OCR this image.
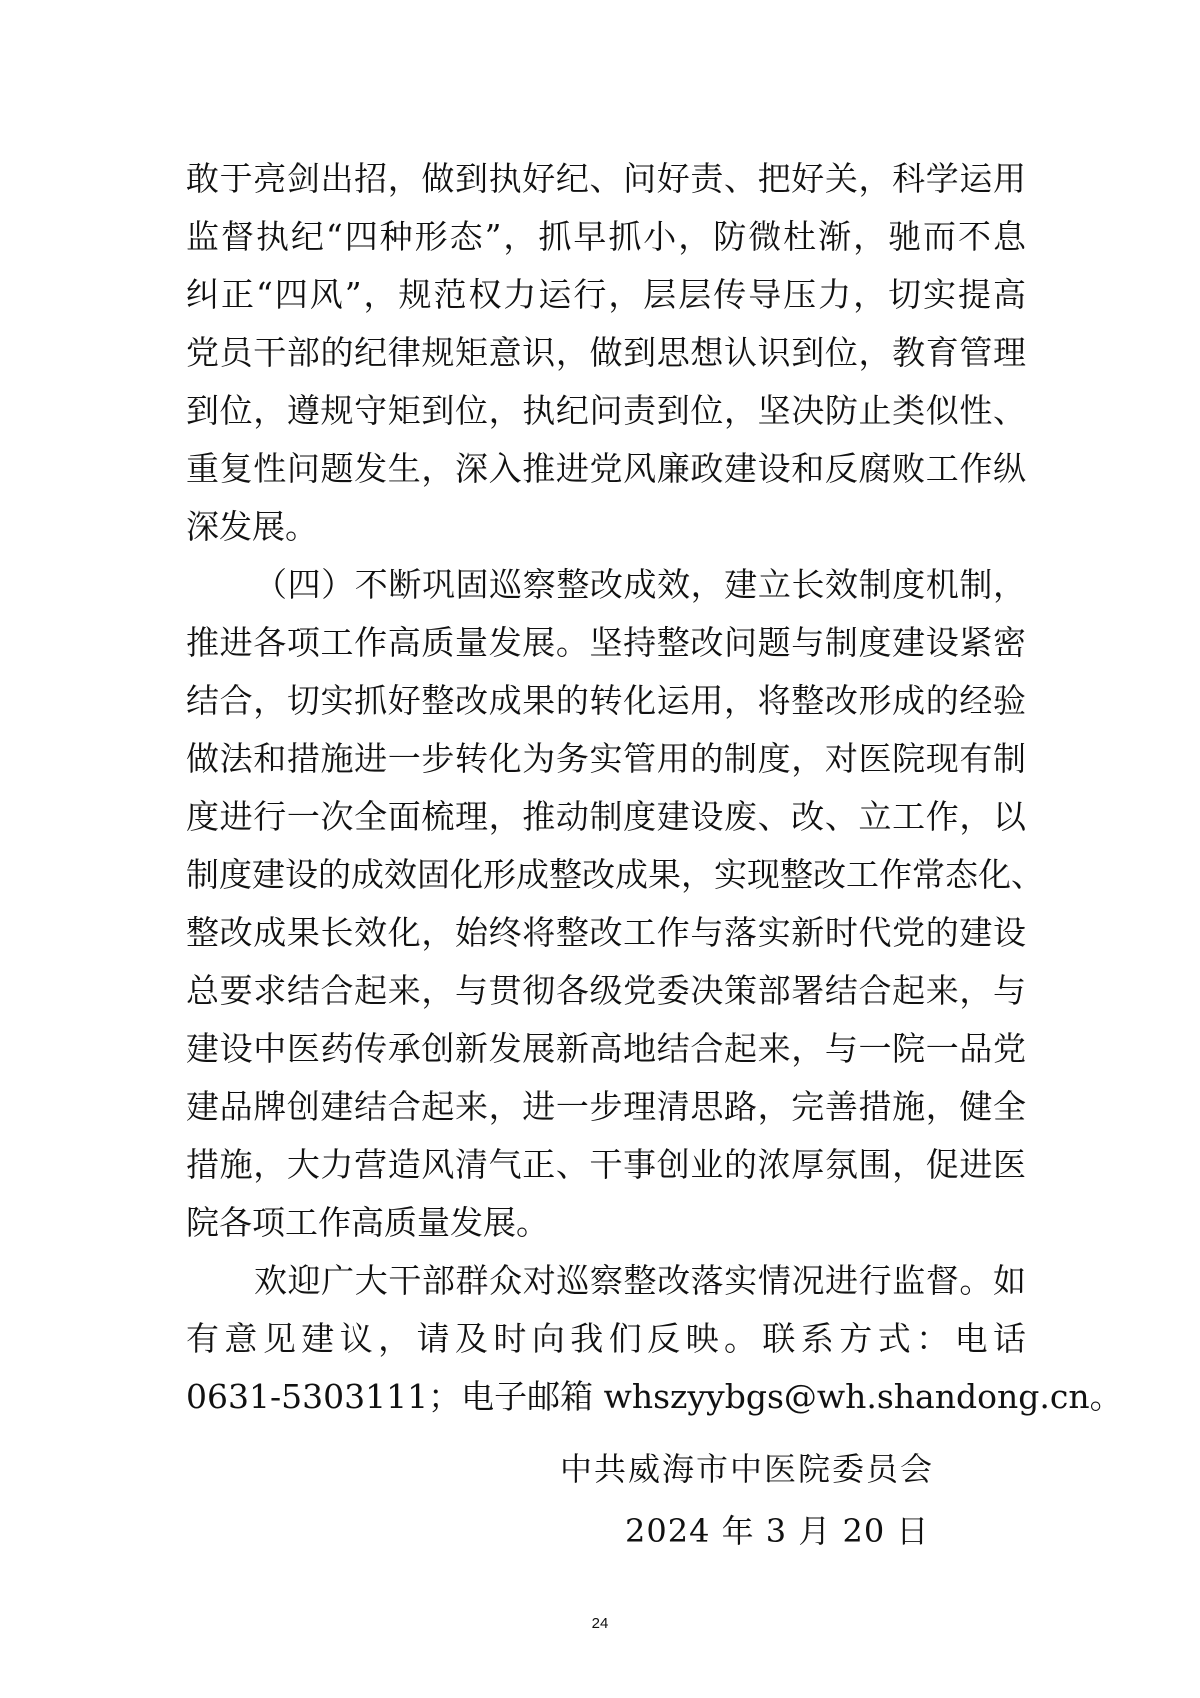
敢于亮剑出招，做到执好纪、问好责、把好关，科学运用
监督执纪“四种形态”，抓早抓小，防微杜渐，驰而不息
纠正“四风”，规范权力运行，层层传导压力，切实提高
党员干部的纪律规矩意识，做到思想认识到位，教育管理
到位，遵规守矩到位，执纪问责到位，坚决防止类似性、
重复性问题发生，深入推进党风廉政建设和反腐败工作纵
深发展。
（四）不断巩固巡察整改成效，建立长效制度机制，
推进各项工作高质量发展。坚持整改问题与制度建设紧密
结合，切实抓好整改成果的转化运用，将整改形成的经验
做法和措施进一步转化为务实管用的制度，对医院现有制
度进行一次全面梳理，推动制度建设废、改、立工作，以
制度建设的成效固化形成整改成果，实现整改工作常态化、
整改成果长效化，始终将整改工作与落实新时代党的建设
总要求结合起来，与贯彻各级党委决策部署结合起来，与
建设中医药传承创新发展新高地结合起来，与一院一品党
建品牌创建结合起来，进一步理清思路，完善措施，健全
措施，大力营造风清气正、干事创业的浓厚氛围，促进医
院各项工作高质量发展。
欢迎广大干部群众对巡察整改落实情况进行监督。如
有意见建议，请及时向我们反映。联系方式：电话
0631-5303111；电子邮箱 whszyybgs@wh.shandong.cn。
中共威海市中医院委员会
2024 年 3 月 20 日
24
